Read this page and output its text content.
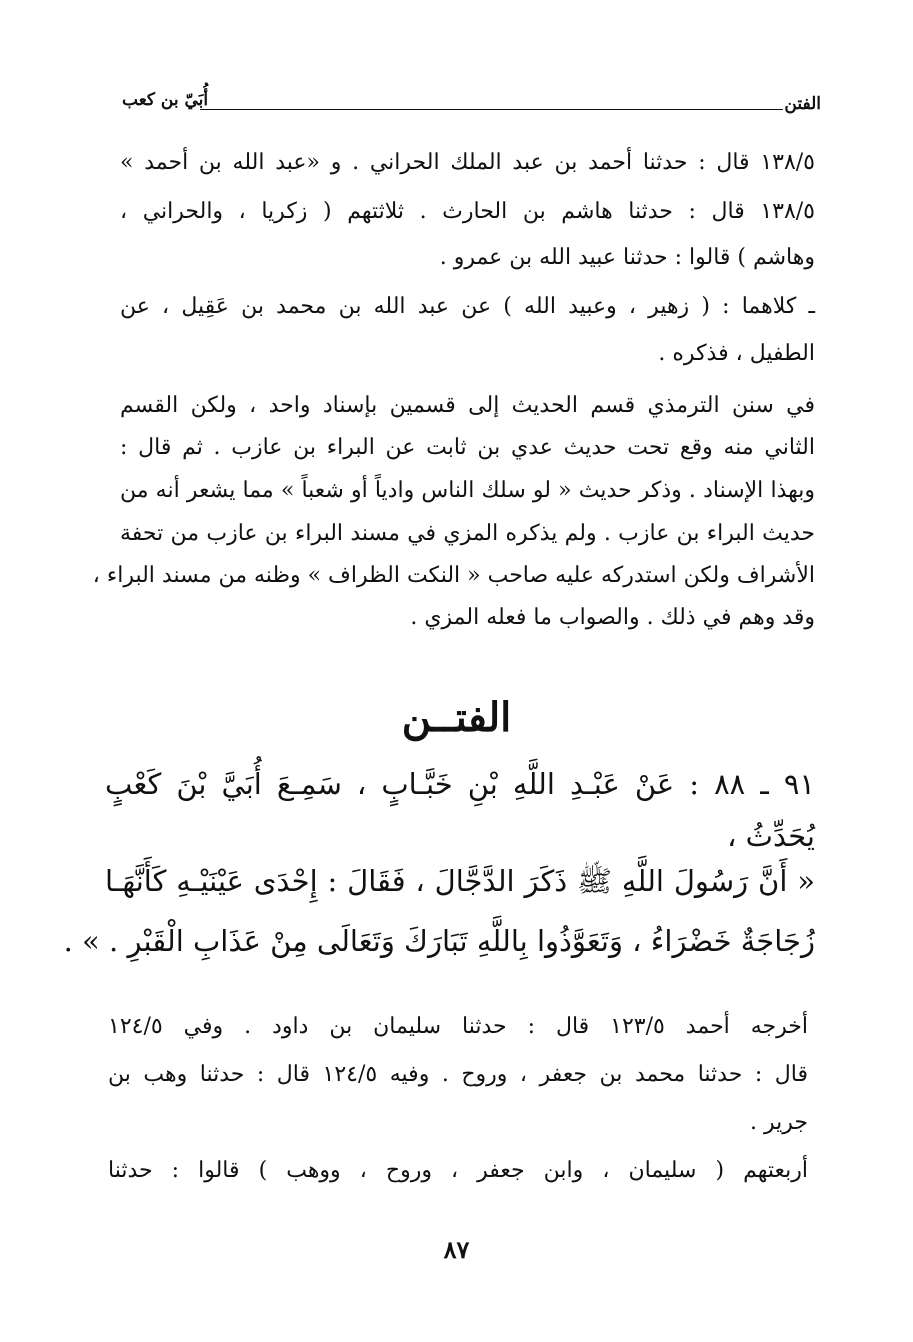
الفتن
أُبَيّ بن كعب
١٣٨/٥ قال : حدثنا أحمد بن عبد الملك الحراني . و «عبد الله بن أحمد »
١٣٨/٥ قال : حدثنا هاشم بن الحارث . ثلاثتهم ( زكريا ، والحراني ،
وهاشم ) قالوا : حدثنا عبيد الله بن عمرو .
ـ كلاهما : ( زهير ، وعبيد الله ) عن عبد الله بن محمد بن عَقِيل ، عن
الطفيل ، فذكره .
في سنن الترمذي قسم الحديث إلى قسمين بإسناد واحد ، ولكن القسم
الثاني منه وقع تحت حديث عدي بن ثابت عن البراء بن عازب . ثم قال :
وبهذا الإسناد . وذكر حديث « لو سلك الناس وادياً أو شعباً » مما يشعر أنه من
حديث البراء بن عازب . ولم يذكره المزي في مسند البراء بن عازب من تحفة
الأشراف ولكن استدركه عليه صاحب « النكت الظراف » وظنه من مسند البراء ،
وقد وهم في ذلك . والصواب ما فعله المزي .
الفتــن
٩١ ـ ٨٨ : عَنْ عَبْـدِ اللَّهِ بْنِ خَبَّـابٍ ، سَمِـعَ أُبَيَّ بْنَ كَعْبٍ
يُحَدِّثُ ،
« أَنَّ رَسُولَ اللَّهِ ﷺ ذَكَرَ الدَّجَّالَ ، فَقَالَ : إِحْدَى عَيْنَيْـهِ كَأَنَّهَـا
زُجَاجَةٌ خَضْرَاءُ ، وَتَعَوَّذُوا بِاللَّهِ تَبَارَكَ وَتَعَالَى مِنْ عَذَابِ الْقَبْرِ . » .
أخرجه أحمد ١٢٣/٥ قال : حدثنا سليمان بن داود . وفي ١٢٤/٥
قال : حدثنا محمد بن جعفر ، وروح . وفيه ١٢٤/٥ قال : حدثنا وهب بن
جرير .
أربعتهم ( سليمان ، وابن جعفر ، وروح ، ووهب ) قالوا : حدثنا
٨٧
